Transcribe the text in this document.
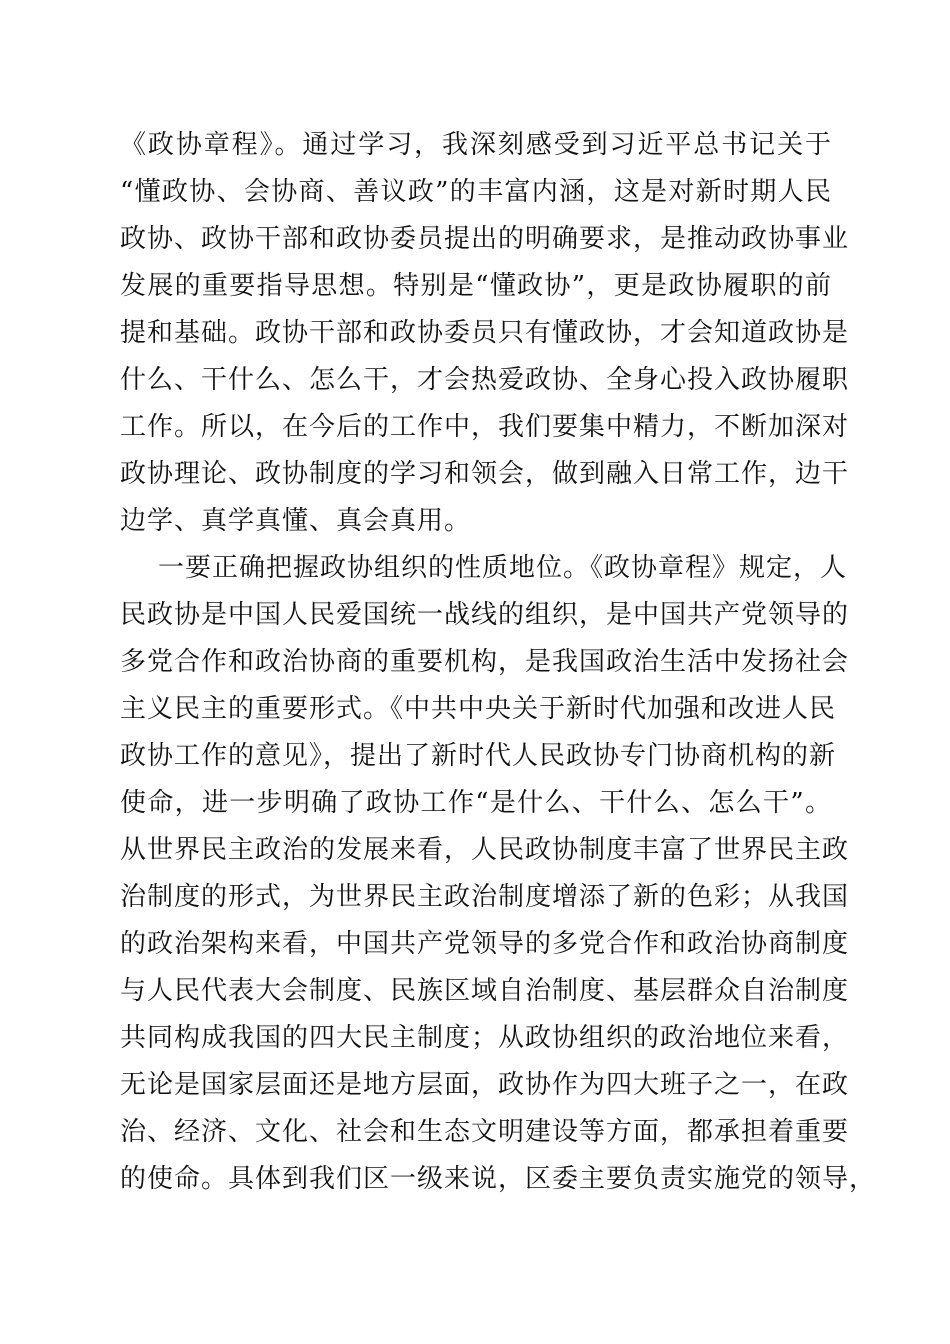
《政协章程》。通过学习，我深刻感受到习近平总书记关于
“懂政协、会协商、善议政”的丰富内涵，这是对新时期人民
政协、政协干部和政协委员提出的明确要求，是推动政协事业
发展的重要指导思想。特别是“懂政协”，更是政协履职的前
提和基础。政协干部和政协委员只有懂政协，才会知道政协是
什么、干什么、怎么干，才会热爱政协、全身心投入政协履职
工作。所以，在今后的工作中，我们要集中精力，不断加深对
政协理论、政协制度的学习和领会，做到融入日常工作，边干
边学、真学真懂、真会真用。
一要正确把握政协组织的性质地位。《政协章程》规定，人
民政协是中国人民爱国统一战线的组织，是中国共产党领导的
多党合作和政治协商的重要机构，是我国政治生活中发扬社会
主义民主的重要形式。《中共中央关于新时代加强和改进人民
政协工作的意见》，提出了新时代人民政协专门协商机构的新
使命，进一步明确了政协工作“是什么、干什么、怎么干”。
从世界民主政治的发展来看，人民政协制度丰富了世界民主政
治制度的形式，为世界民主政治制度增添了新的色彩；从我国
的政治架构来看，中国共产党领导的多党合作和政治协商制度
与人民代表大会制度、民族区域自治制度、基层群众自治制度
共同构成我国的四大民主制度；从政协组织的政治地位来看，
无论是国家层面还是地方层面，政协作为四大班子之一，在政
治、经济、文化、社会和生态文明建设等方面，都承担着重要
的使命。具体到我们区一级来说，区委主要负责实施党的领导，
